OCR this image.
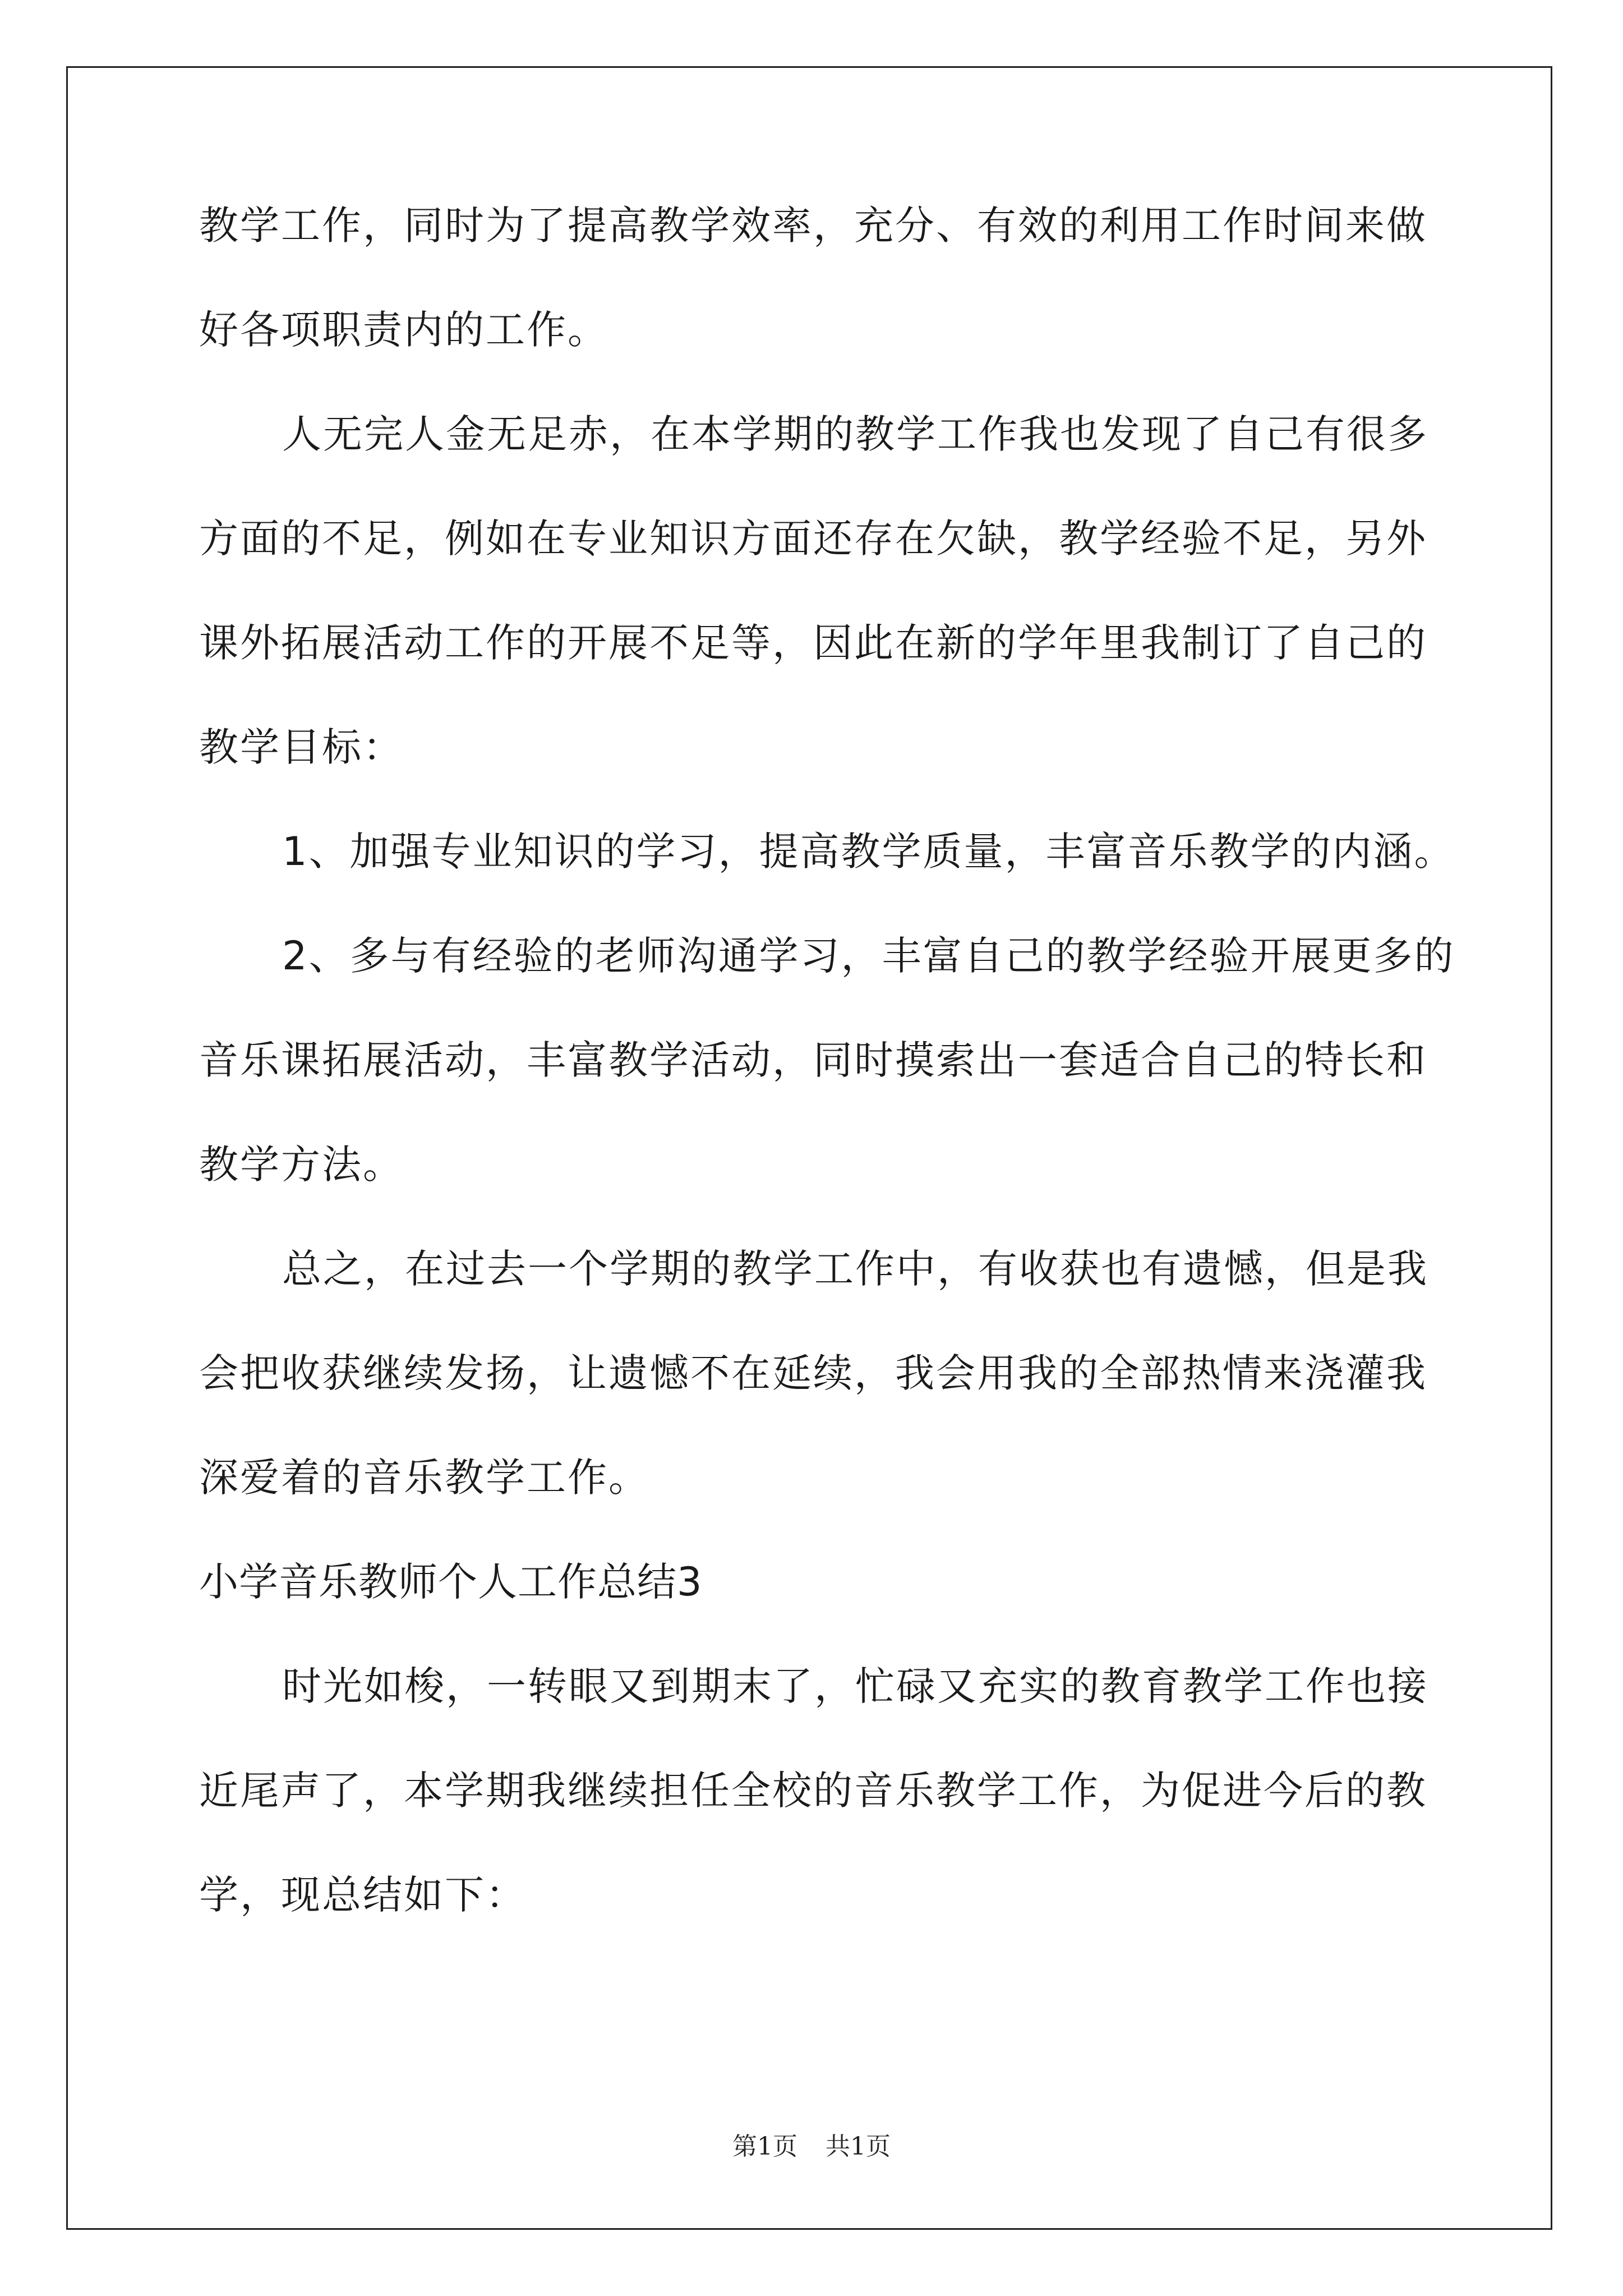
教学工作，同时为了提高教学效率，充分、有效的利用工作时间来做
好各项职责内的工作。
人无完人金无足赤，在本学期的教学工作我也发现了自己有很多
方面的不足，例如在专业知识方面还存在欠缺，教学经验不足，另外
课外拓展活动工作的开展不足等，因此在新的学年里我制订了自己的
教学目标：
1、加强专业知识的学习，提高教学质量，丰富音乐教学的内涵。
2、多与有经验的老师沟通学习，丰富自己的教学经验开展更多的
音乐课拓展活动，丰富教学活动，同时摸索出一套适合自己的特长和
教学方法。
总之，在过去一个学期的教学工作中，有收获也有遗憾，但是我
会把收获继续发扬，让遗憾不在延续，我会用我的全部热情来浇灌我
深爱着的音乐教学工作。
小学音乐教师个人工作总结3
时光如梭，一转眼又到期末了，忙碌又充实的教育教学工作也接
近尾声了，本学期我继续担任全校的音乐教学工作，为促进今后的教
学，现总结如下：
第1页 共1页
